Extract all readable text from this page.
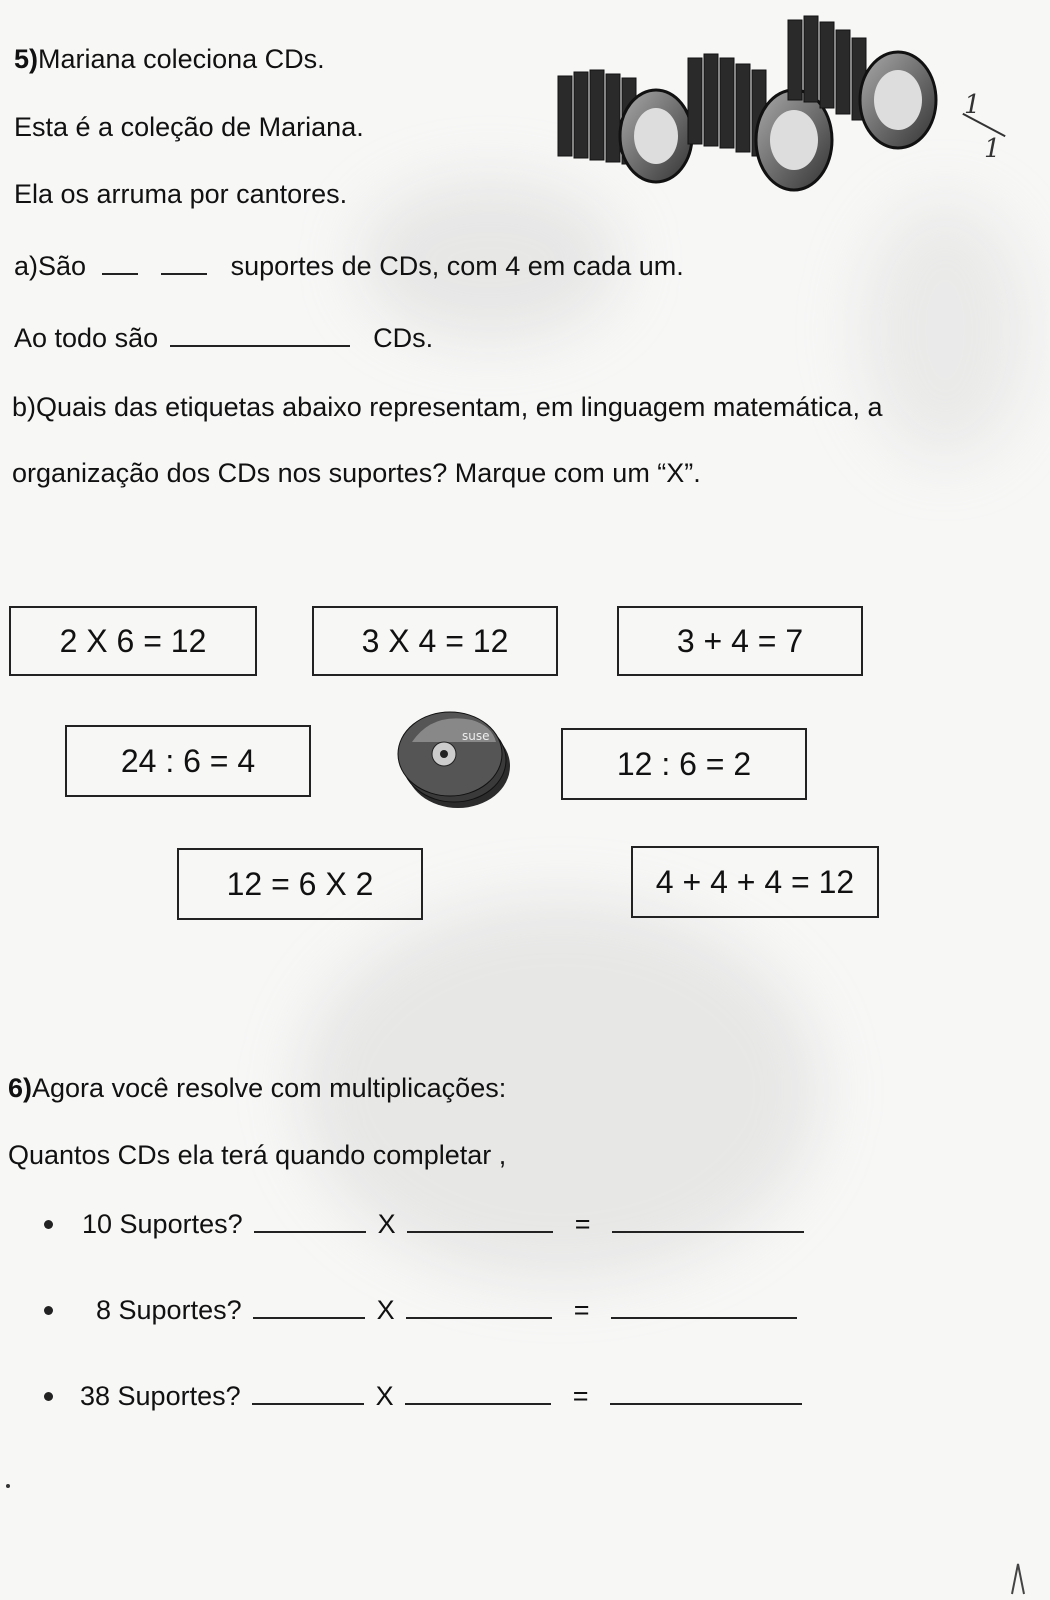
5)Mariana coleciona CDs.
Esta é a coleção de Mariana.
Ela os arruma por cantores.
a)São	suportes de CDs, com 4 em cada um.
Ao todo são	CDs.
b)Quais das etiquetas abaixo representam, em linguagem matemática, a
organização dos CDs nos suportes? Marque com um “X”.
1
1
2 X 6 = 12	3 X 4 = 12	3 + 4 = 7
24 : 6 = 4	12 : 6 = 2
12 = 6 X 2	4 + 4 + 4 = 12
suse
6)Agora você resolve com multiplicações:
Quantos CDs ela terá quando completar ,
10 Suportes?	X	=
8 Suportes?	X	=
38 Suportes?	X	=
